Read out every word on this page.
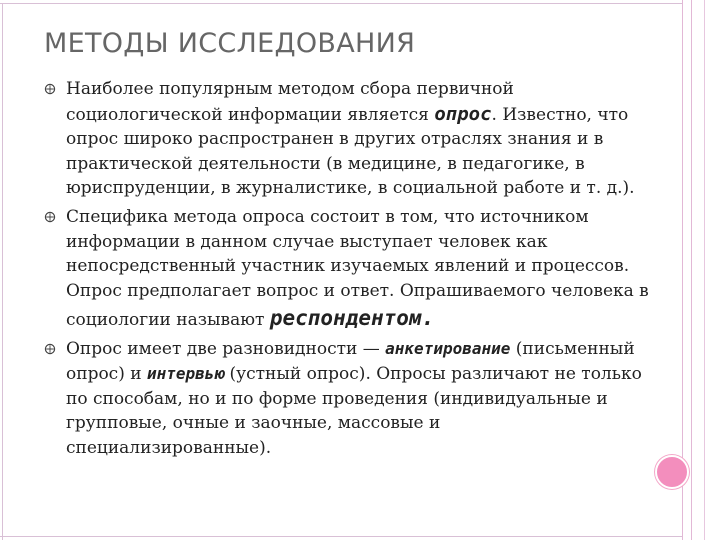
МЕТОДЫ ИССЛЕДОВАНИЯ
Наиболее популярным методом сбора первичной социологической информации является опрос. Известно, что опрос широко распространен в других отраслях знания и в практической деятельности (в медицине, в педагогике, в юриспруденции, в журналистике, в социальной работе и т. д.).
Специфика метода опроса состоит в том, что источником информации в данном случае выступает человек как непосредственный участник изучаемых явлений и процессов. Опрос предполагает вопрос и ответ. Опрашиваемого человека в социологии называют респондентом.
Опрос имеет две разновидности — анкетирование (письменный опрос) и интервью (устный опрос). Опросы различают не только по способам, но и по форме проведения (индивидуальные и групповые, очные и заочные, массовые и специализированные).
